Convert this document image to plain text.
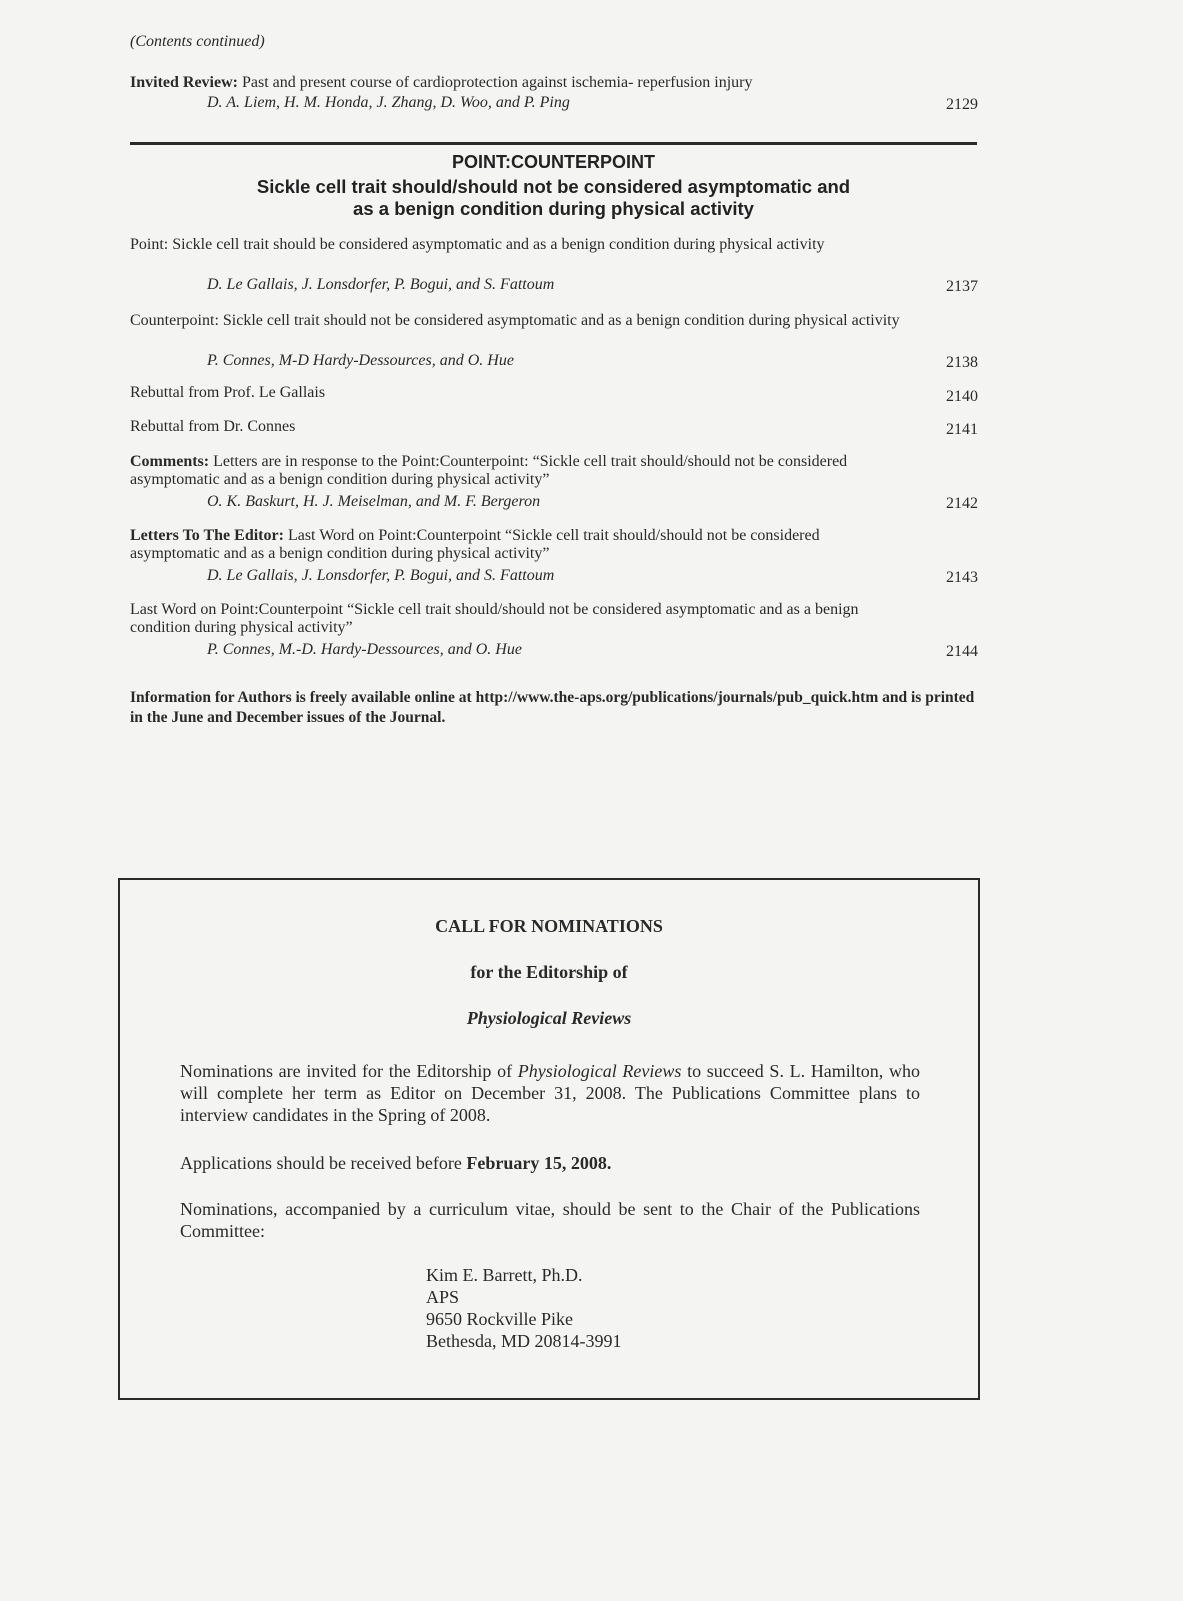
(Contents continued)
Invited Review: Past and present course of cardioprotection against ischemia- reperfusion injury
D. A. Liem, H. M. Honda, J. Zhang, D. Woo, and P. Ping	2129
POINT:COUNTERPOINT
Sickle cell trait should/should not be considered asymptomatic and
as a benign condition during physical activity
Point: Sickle cell trait should be considered asymptomatic and as a benign condition during physical activity
D. Le Gallais, J. Lonsdorfer, P. Bogui, and S. Fattoum	2137
Counterpoint: Sickle cell trait should not be considered asymptomatic and as a benign condition during physical activity
P. Connes, M-D Hardy-Dessources, and O. Hue	2138
Rebuttal from Prof. Le Gallais	2140
Rebuttal from Dr. Connes	2141
Comments: Letters are in response to the Point:Counterpoint: “Sickle cell trait should/should not be considered asymptomatic and as a benign condition during physical activity”
O. K. Baskurt, H. J. Meiselman, and M. F. Bergeron	2142
Letters To The Editor: Last Word on Point:Counterpoint “Sickle cell trait should/should not be considered asymptomatic and as a benign condition during physical activity”
D. Le Gallais, J. Lonsdorfer, P. Bogui, and S. Fattoum	2143
Last Word on Point:Counterpoint “Sickle cell trait should/should not be considered asymptomatic and as a benign condition during physical activity”
P. Connes, M.-D. Hardy-Dessources, and O. Hue	2144
Information for Authors is freely available online at http://www.the-aps.org/publications/journals/pub_quick.htm and is printed in the June and December issues of the Journal.
CALL FOR NOMINATIONS
for the Editorship of
Physiological Reviews
Nominations are invited for the Editorship of Physiological Reviews to succeed S. L. Hamilton, who will complete her term as Editor on December 31, 2008. The Publications Committee plans to interview candidates in the Spring of 2008.
Applications should be received before February 15, 2008.
Nominations, accompanied by a curriculum vitae, should be sent to the Chair of the Publications Committee:
Kim E. Barrett, Ph.D.
APS
9650 Rockville Pike
Bethesda, MD 20814-3991
